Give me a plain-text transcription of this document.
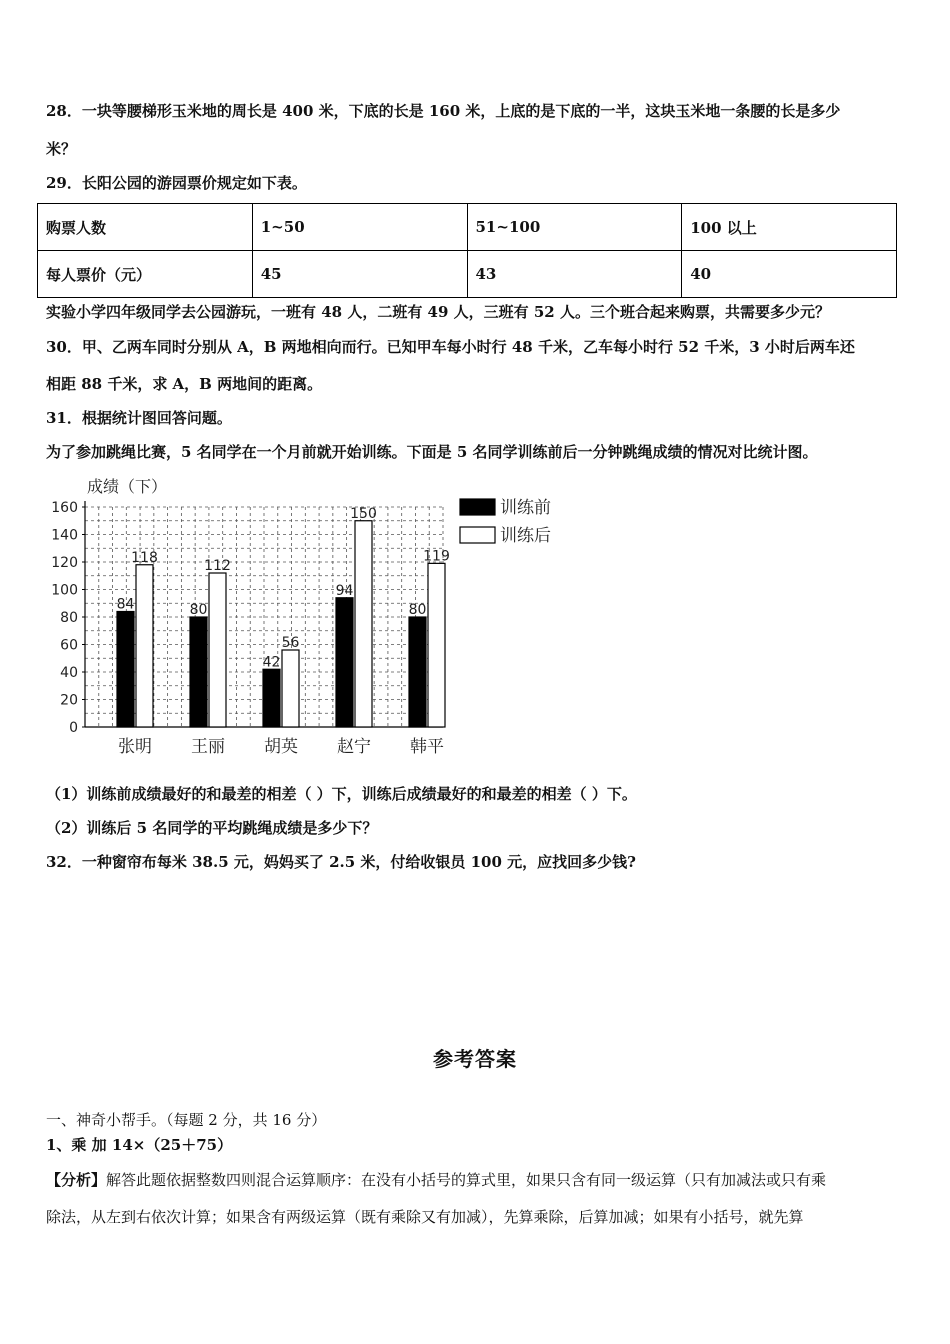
28．一块等腰梯形玉米地的周长是 400 米，下底的长是 160 米，上底的是下底的一半，这块玉米地一条腰的长是多少
米？
29．长阳公园的游园票价规定如下表。
购票人数	1~50	51~100	100 以上
每人票价（元）	45	43	40
实验小学四年级同学去公园游玩，一班有 48 人，二班有 49 人，三班有 52 人。三个班合起来购票，共需要多少元？
30．甲、乙两车同时分别从 A，B 两地相向而行。已知甲车每小时行 48 千米，乙车每小时行 52 千米，3 小时后两车还
相距 88 千米，求 A，B 两地间的距离。
31．根据统计图回答问题。
为了参加跳绳比赛，5 名同学在一个月前就开始训练。下面是 5 名同学训练前后一分钟跳绳成绩的情况对比统计图。
0
20
40
60
80
100
120
140
160
成绩（下）
84
118
张明
80
112
王丽
42
56
胡英
94
150
赵宁
80
119
韩平
训练前
训练后
（1）训练前成绩最好的和最差的相差（ ）下，训练后成绩最好的和最差的相差（ ）下。
（2）训练后 5 名同学的平均跳绳成绩是多少下？
32．一种窗帘布每米 38.5 元，妈妈买了 2.5 米，付给收银员 100 元，应找回多少钱?
参考答案
一、神奇小帮手。（每题 2 分，共 16 分）
1、乘 加 14×（25＋75）
【分析】解答此题依据整数四则混合运算顺序：在没有小括号的算式里，如果只含有同一级运算（只有加减法或只有乘
除法，从左到右依次计算；如果含有两级运算（既有乘除又有加减），先算乘除，后算加减；如果有小括号，就先算
